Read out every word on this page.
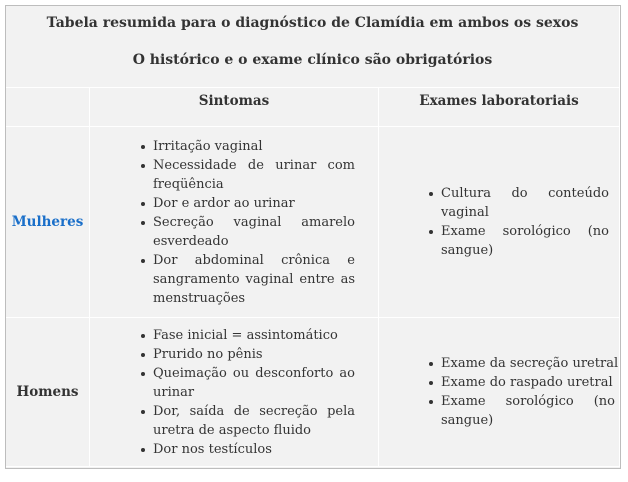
Tabela resumida para o diagnóstico de Clamídia em ambos os sexos
O histórico e o exame clínico são obrigatórios
Sintomas	Exames laboratoriais
Mulheres
Irritação vaginal
Necessidade de urinar com freqüência
Dor e ardor ao urinar
Secreção vaginal amarelo esverdeado
Dor abdominal crônica e sangramento vaginal entre as menstruações
Cultura do conteúdo vaginal
Exame sorológico (no sangue)
Homens
Fase inicial = assintomático
Prurido no pênis
Queimação ou desconforto ao urinar
Dor, saída de secreção pela uretra de aspecto fluido
Dor nos testículos
Exame da secreção uretral
Exame do raspado uretral
Exame sorológico (no sangue)
